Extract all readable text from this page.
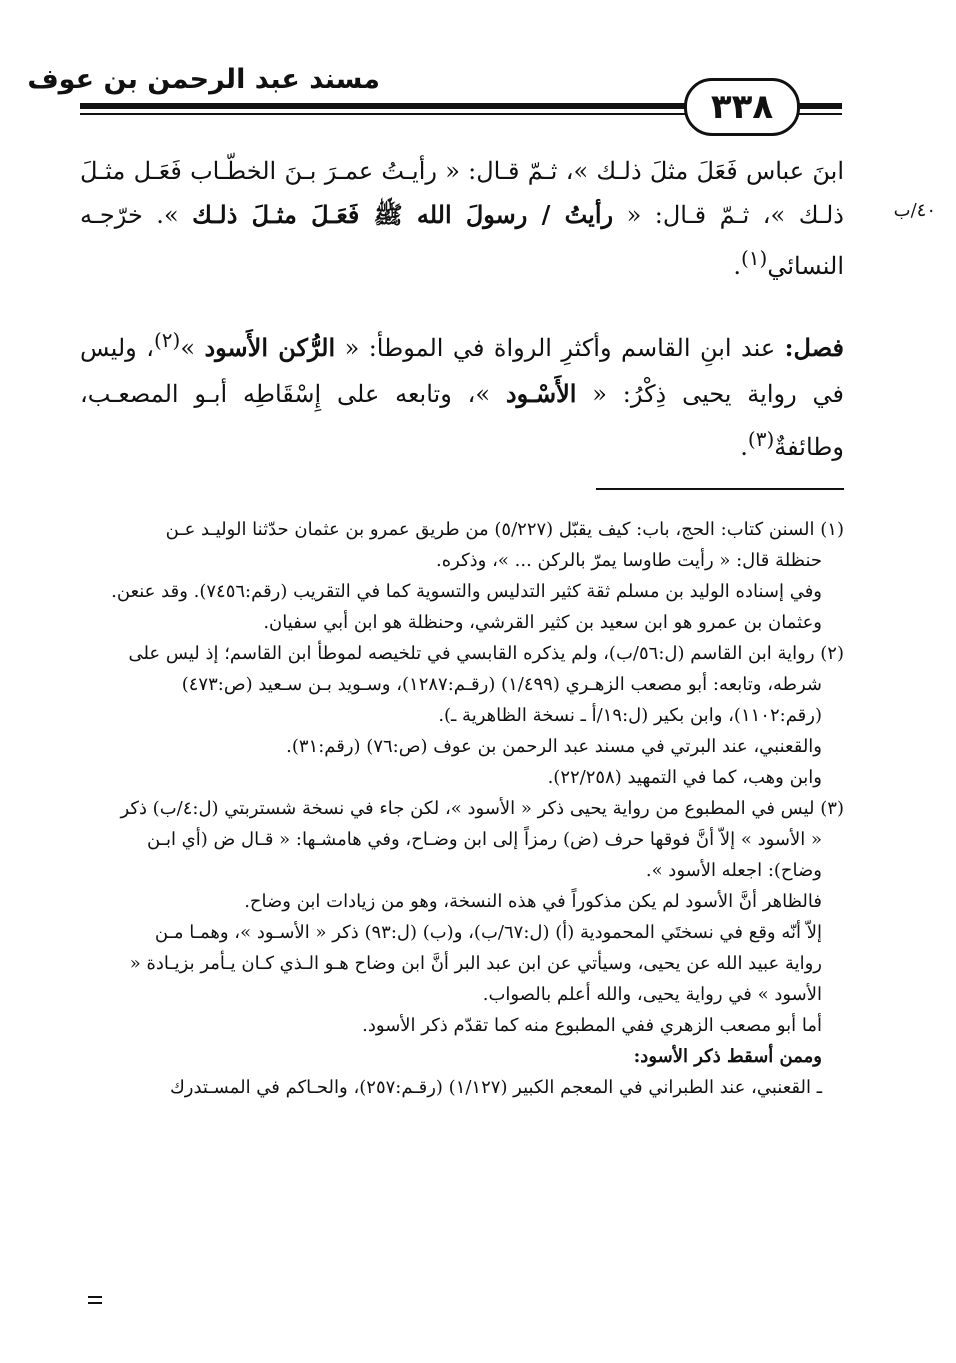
مسند عبد الرحمن بن عوف
٣٣٨
٤٠/ب

ابنَ عباس فَعَلَ مثلَ ذلـك »، ثـمّ قـال: « رأيـتُ عمـرَ بـنَ الخطّـاب فَعَـل مثـلَ ذلـك »، ثـمّ قـال: « رأيتُ / رسولَ الله ﷺ فَعَـلَ مثـلَ ذلـك ». خرّجـه النسائي$^{(١)}$.

فصل: عند ابنِ القاسم وأكثرِ الرواة في الموطأ: « الرُّكن الأَسود »$^{(٢)}$، وليس في رواية يحيى ذِكْرُ: « الأَسْـود »، وتابعه على إِسْقَاطِه أبـو المصعـب، وطائفةٌ$^{(٣)}$.

(١) السنن كتاب: الحج، باب: كيف يقبّل (٥/٢٢٧) من طريق عمرو بن عثمان حدّثنا الوليـد عـن
حنظلة قال: « رأيت طاوسا يمرّ بالركن ... »، وذكره.
وفي إسناده الوليد بن مسلم ثقة كثير التدليس والتسوية كما في التقريب (رقم:٧٤٥٦). وقد عنعن.
وعثمان بن عمرو هو ابن سعيد بن كثير القرشي، وحنظلة هو ابن أبي سفيان.
(٢) رواية ابن القاسم (ل:٥٦/ب)، ولم يذكره القابسي في تلخيصه لموطأ ابن القاسم؛ إذ ليس على
شرطه، وتابعه: أبو مصعب الزهـري (١/٤٩٩) (رقـم:١٢٨٧)، وسـويد بـن سـعيد (ص:٤٧٣)
(رقم:١١٠٢)، وابن بكير (ل:١٩/أ ـ نسخة الظاهرية ـ).
والقعنبي، عند البرتي في مسند عبد الرحمن بن عوف (ص:٧٦) (رقم:٣١).
وابن وهب، كما في التمهيد (٢٢/٢٥٨).
(٣) ليس في المطبوع من رواية يحيى ذكر « الأسود »، لكن جاء في نسخة شستربتي (ل:٤/ب) ذكر
« الأسود » إلاّ أنَّ فوقها حرف (ض) رمزاً إلى ابن وضـاح، وفي هامشـها: « قـال ض (أي ابـن
وضاح): اجعله الأسود ».
فالظاهر أنَّ الأسود لم يكن مذكوراً في هذه النسخة، وهو من زيادات ابن وضاح.
إلاّ أنّه وقع في نسختَي المحمودية (أ) (ل:٦٧/ب)، و(ب) (ل:٩٣) ذكر « الأسـود »، وهمـا مـن
رواية عبيد الله عن يحيى، وسيأتي عن ابن عبد البر أنَّ ابن وضاح هـو الـذي كـان يـأمر بزيـادة «
الأسود » في رواية يحيى، والله أعلم بالصواب.
أما أبو مصعب الزهري ففي المطبوع منه كما تقدّم ذكر الأسود.
وممن أسقط ذكر الأسود:
ـ القعنبي، عند الطبراني في المعجم الكبير (١/١٢٧) (رقـم:٢٥٧)، والحـاكم في المسـتدرك
